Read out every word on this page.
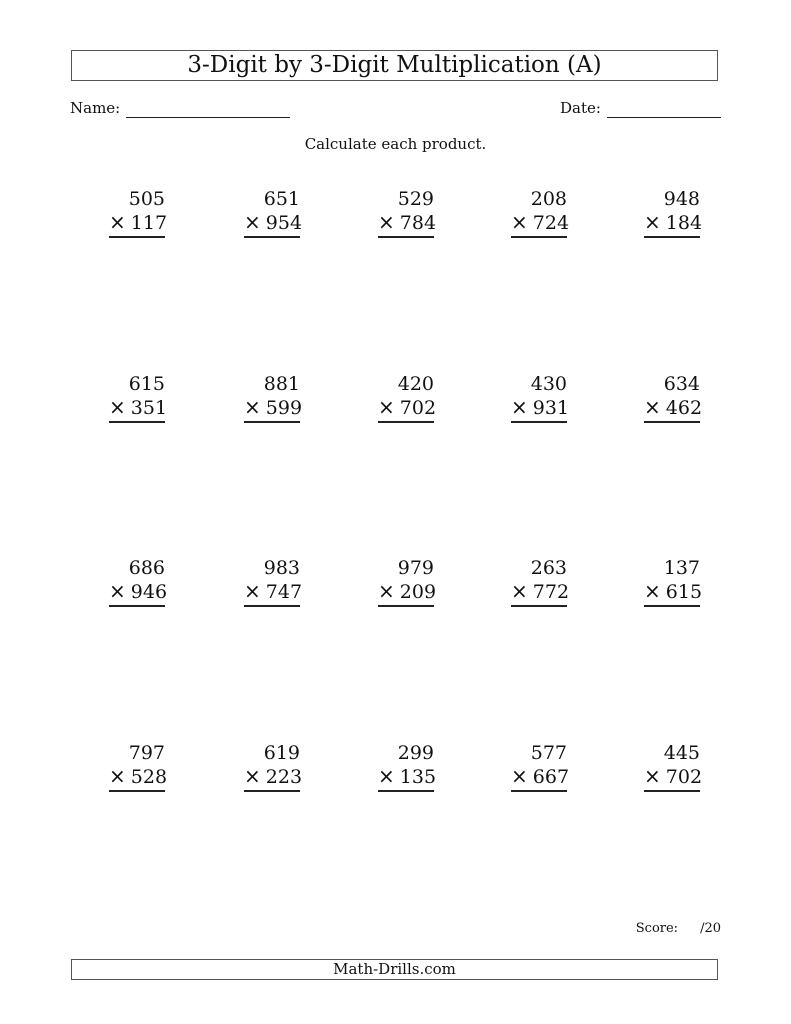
3-Digit by 3-Digit Multiplication (A)
Name:	Date:
Calculate each product.
505
× 117
651
× 954
529
× 784
208
× 724
948
× 184
615
× 351
881
× 599
420
× 702
430
× 931
634
× 462
686
× 946
983
× 747
979
× 209
263
× 772
137
× 615
797
× 528
619
× 223
299
× 135
577
× 667
445
× 702
Score: /20
Math-Drills.com
